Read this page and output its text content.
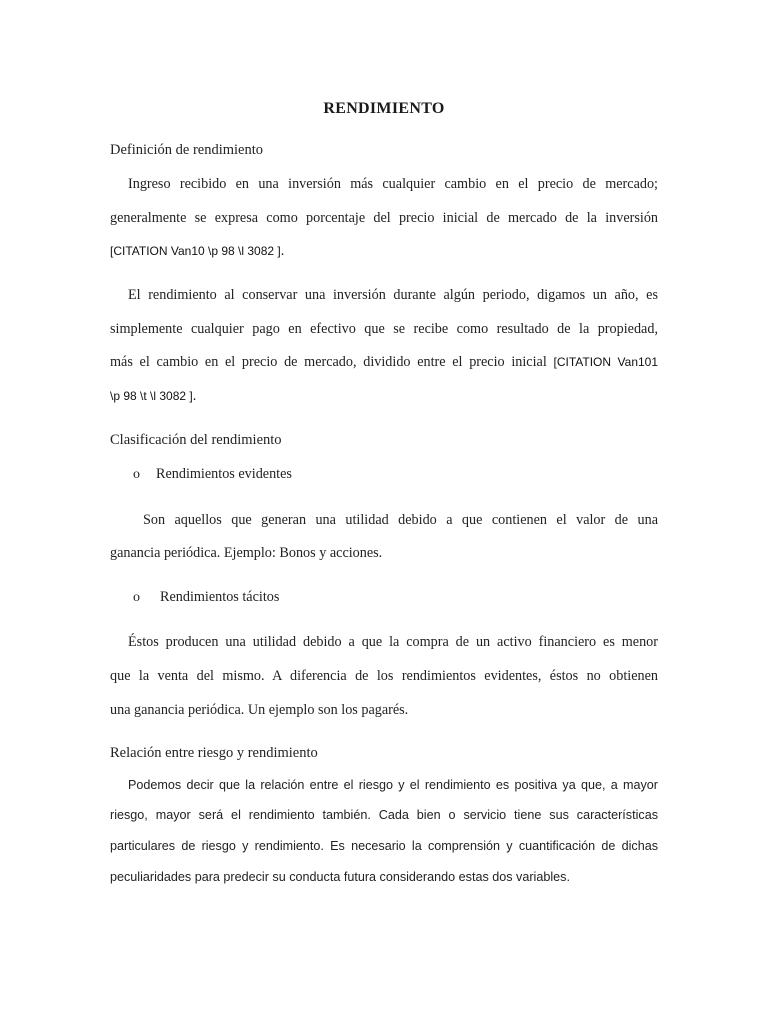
RENDIMIENTO

Definición de rendimiento

Ingreso recibido en una inversión más cualquier cambio en el precio de mercado;

generalmente se expresa como porcentaje del precio inicial de mercado de la inversión

[CITATION Van10 \p 98 \l 3082 ].

El rendimiento al conservar una inversión durante algún periodo, digamos un año, es

simplemente cualquier pago en efectivo que se recibe como resultado de la propiedad,

más el cambio en el precio de mercado, dividido entre el precio inicial [CITATION Van101

\p 98 \t \l 3082 ].

Clasificación del rendimiento

o Rendimientos evidentes

Son aquellos que generan una utilidad debido a que contienen el valor de una

ganancia periódica. Ejemplo: Bonos y acciones.

o Rendimientos tácitos

Éstos producen una utilidad debido a que la compra de un activo financiero es menor

que la venta del mismo. A diferencia de los rendimientos evidentes, éstos no obtienen

una ganancia periódica. Un ejemplo son los pagarés.

Relación entre riesgo y rendimiento

Podemos decir que la relación entre el riesgo y el rendimiento es positiva ya que, a mayor

riesgo, mayor será el rendimiento también. Cada bien o servicio tiene sus características

particulares de riesgo y rendimiento. Es necesario la comprensión y cuantificación de dichas

peculiaridades para predecir su conducta futura considerando estas dos variables.
